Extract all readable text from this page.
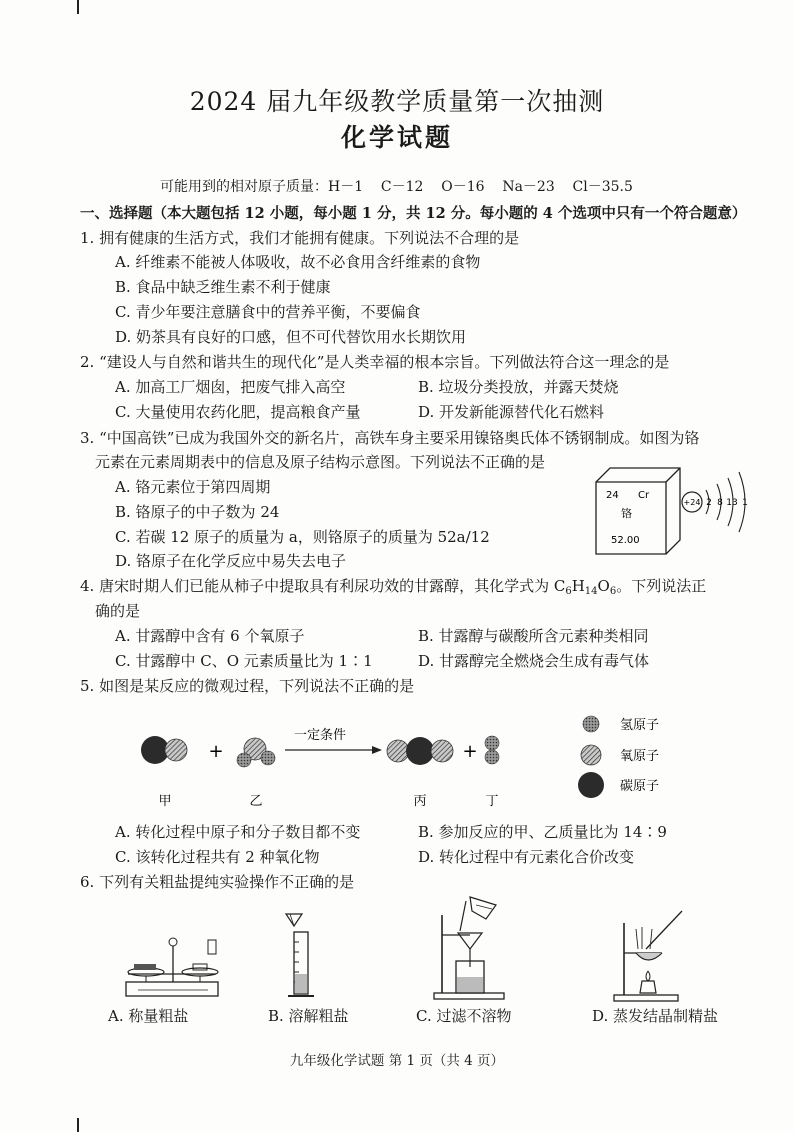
2024 届九年级教学质量第一次抽测
化学试题
可能用到的相对原子质量：H－1    C－12    O－16    Na－23    Cl－35.5
一、选择题（本大题包括 12 小题，每小题 1 分，共 12 分。每小题的 4 个选项中只有一个符合题意）
1. 拥有健康的生活方式，我们才能拥有健康。下列说法不合理的是
A. 纤维素不能被人体吸收，故不必食用含纤维素的食物
B. 食品中缺乏维生素不利于健康
C. 青少年要注意膳食中的营养平衡，不要偏食
D. 奶茶具有良好的口感，但不可代替饮用水长期饮用
2. “建设人与自然和谐共生的现代化”是人类幸福的根本宗旨。下列做法符合这一理念的是
A. 加高工厂烟囱，把废气排入高空	B. 垃圾分类投放，并露天焚烧
C. 大量使用农药化肥，提高粮食产量	D. 开发新能源替代化石燃料
3. “中国高铁”已成为我国外交的新名片，高铁车身主要采用镍铬奥氏体不锈钢制成。如图为铬
元素在元素周期表中的信息及原子结构示意图。下列说法不正确的是
A. 铬元素位于第四周期
B. 铬原子的中子数为 24
C. 若碳 12 原子的质量为 a，则铬原子的质量为 52a/12
D. 铬原子在化学反应中易失去电子
24 Cr
铬
52.00
+24 2 8 13 1
4. 唐宋时期人们已能从柿子中提取具有利尿功效的甘露醇，其化学式为 $C_6H_{14}O_6$。下列说法正
确的是
A. 甘露醇中含有 6 个氧原子	B. 甘露醇与碳酸所含元素种类相同
C. 甘露醇中 C、O 元素质量比为 1∶1	D. 甘露醇完全燃烧会生成有毒气体
5. 如图是某反应的微观过程，下列说法不正确的是
+
一定条件
+
甲	乙	丙	丁
氢原子
氧原子
碳原子
A. 转化过程中原子和分子数目都不变	B. 参加反应的甲、乙质量比为 14∶9
C. 该转化过程共有 2 种氧化物	D. 转化过程中有元素化合价改变
6. 下列有关粗盐提纯实验操作不正确的是
A. 称量粗盐	B. 溶解粗盐	C. 过滤不溶物	D. 蒸发结晶制精盐
九年级化学试题 第 1 页（共 4 页）
